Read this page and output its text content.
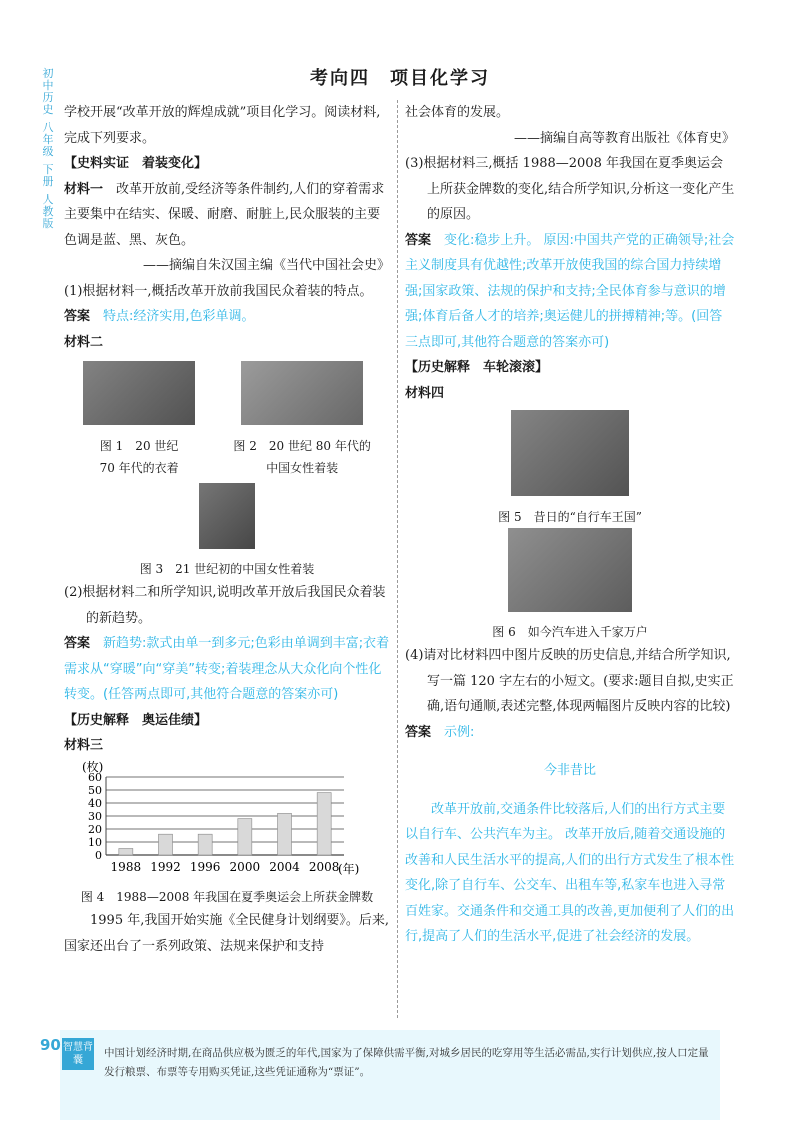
初中历史
八年级
下册
人教版
考向四　项目化学习

学校开展“改革开放的辉煌成就”项目化学习。阅读材料,完成下列要求。

【史料实证　着装变化】

材料一　 改革开放前,受经济等条件制约,人们的穿着需求主要集中在结实、保暖、耐磨、耐脏上,民众服装的主要色调是蓝、黑、灰色。

——摘编自朱汉国主编《当代中国社会史》

(1)根据材料一,概括改革开放前我国民众着装的特点。

答案　 特点:经济实用,色彩单调。

材料二

图 1　20 世纪

70 年代的衣着

图 2　20 世纪 80 年代的

中国女性着装

图 3　21 世纪初的中国女性着装

(2)根据材料二和所学知识,说明改革开放后我国民众着装的新趋势。

答案　 新趋势:款式由单一到多元;色彩由单调到丰富;衣着需求从“穿暖”向“穿美”转变;着装理念从大众化向个性化转变。(任答两点即可,其他符合题意的答案亦可)

【历史解释　奥运佳绩】

材料三

(枚)
1988 1992 1996 2000 2004 2008
0
10
20
30
40
50
60
(年)

图 4　1988—2008 年我国在夏季奥运会上所获金牌数

1995 年,我国开始实施《全民健身计划纲要》。后来,国家还出台了一系列政策、法规来保护和支持

社会体育的发展。

——摘编自高等教育出版社《体育史》

(3)根据材料三,概括 1988—2008 年我国在夏季奥运会上所获金牌数的变化,结合所学知识,分析这一变化产生的原因。

答案　 变化:稳步上升。 原因:中国共产党的正确领导;社会主义制度具有优越性;改革开放使我国的综合国力持续增强;国家政策、法规的保护和支持;全民体育参与意识的增强;体育后备人才的培养;奥运健儿的拼搏精神;等。(回答三点即可,其他符合题意的答案亦可)

【历史解释　车轮滚滚】

材料四

图 5　昔日的“自行车王国”

图 6　如今汽车进入千家万户

(4)请对比材料四中图片反映的历史信息,并结合所学知识,写一篇 120 字左右的小短文。(要求:题目自拟,史实正确,语句通顺,表述完整,体现两幅图片反映内容的比较)

答案　 示例:

今非昔比

改革开放前,交通条件比较落后,人们的出行方式主要以自行车、公共汽车为主。 改革开放后,随着交通设施的改善和人民生活水平的提高,人们的出行方式发生了根本性变化,除了自行车、公交车、出租车等,私家车也进入寻常百姓家。交通条件和交通工具的改善,更加便利了人们的出行,提高了人们的生活水平,促进了社会经济的发展。

90 智慧背囊
中国计划经济时期,在商品供应极为匮乏的年代,国家为了保障供需平衡,对城乡居民的吃穿用等生活必需品,实行计划供应,按人口定量发行粮票、布票等专用购买凭证,这些凭证通称为“票证”。
